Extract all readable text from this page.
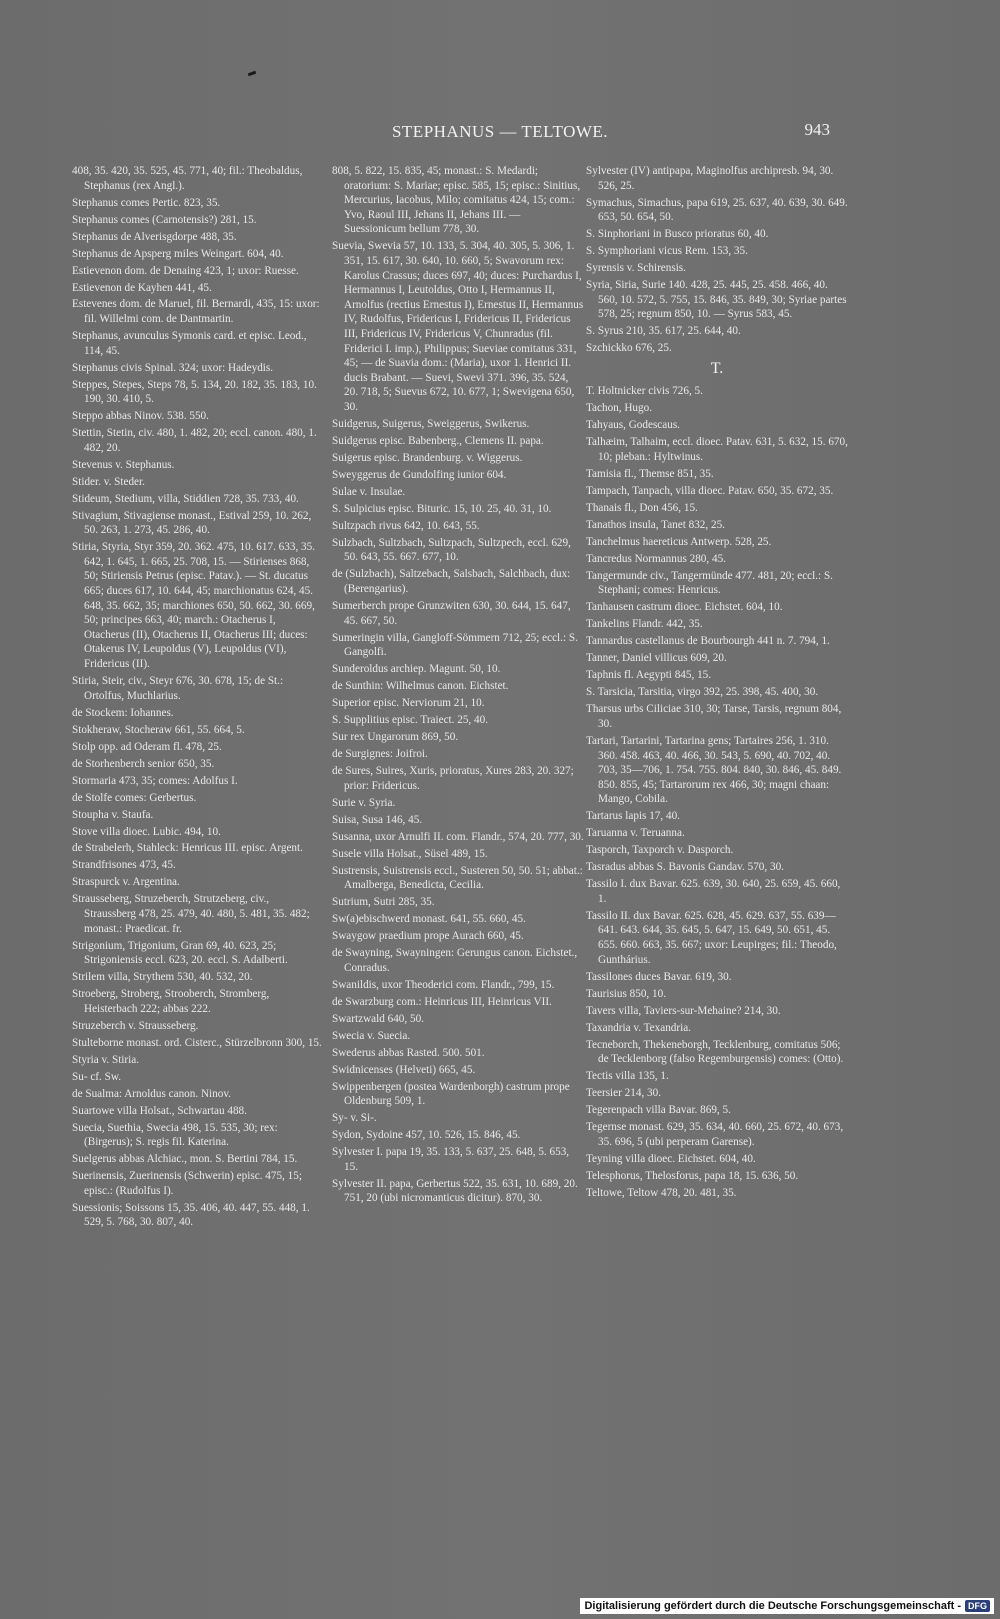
STEPHANUS — TELTOWE.	943

408, 35. 420, 35. 525, 45. 771, 40; fil.: Theobaldus, Stephanus (rex Angl.).

Stephanus comes Pertic. 823, 35.

Stephanus comes (Carnotensis?) 281, 15.

Stephanus de Alverisgdorpe 488, 35.

Stephanus de Apsperg miles Weingart. 604, 40.

Estievenon dom. de Denaing 423, 1; uxor: Ruesse.

Estievenon de Kayhen 441, 45.

Estevenes dom. de Maruel, fil. Bernardi, 435, 15: uxor: fil. Willelmi com. de Dantmartin.

Stephanus, avunculus Symonis card. et episc. Leod., 114, 45.

Stephanus civis Spinal. 324; uxor: Hadeydis.

Steppes, Stepes, Steps 78, 5. 134, 20. 182, 35. 183, 10. 190, 30. 410, 5.

Steppo abbas Ninov. 538. 550.

Stettin, Stetin, civ. 480, 1. 482, 20; eccl. canon. 480, 1. 482, 20.

Stevenus v. Stephanus.

Stider. v. Steder.

Stideum, Stedium, villa, Stiddien 728, 35. 733, 40.

Stivagium, Stivagiense monast., Estival 259, 10. 262, 50. 263, 1. 273, 45. 286, 40.

Stiria, Styria, Styr 359, 20. 362. 475, 10. 617. 633, 35. 642, 1. 645, 1. 665, 25. 708, 15. — Stirienses 868, 50; Stiriensis Petrus (episc. Patav.). — St. ducatus 665; duces 617, 10. 644, 45; marchionatus 624, 45. 648, 35. 662, 35; marchiones 650, 50. 662, 30. 669, 50; principes 663, 40; march.: Otacherus I, Otacherus (II), Otacherus II, Otacherus III; duces: Otakerus IV, Leupoldus (V), Leupoldus (VI), Fridericus (II).

Stiria, Steir, civ., Steyr 676, 30. 678, 15; de St.: Ortolfus, Muchlarius.

de Stockem: Iohannes.

Stokheraw, Stocheraw 661, 55. 664, 5.

Stolp opp. ad Oderam fl. 478, 25.

de Storhenberch senior 650, 35.

Stormaria 473, 35; comes: Adolfus I.

de Stolfe comes: Gerbertus.

Stoupha v. Staufa.

Stove villa dioec. Lubic. 494, 10.

de Strabelerh, Stahleck: Henricus III. episc. Argent.

Strandfrisones 473, 45.

Straspurck v. Argentina.

Strausseberg, Struzeberch, Strutzeberg, civ., Straussberg 478, 25. 479, 40. 480, 5. 481, 35. 482; monast.: Praedicat. fr.

Strigonium, Trigonium, Gran 69, 40. 623, 25; Strigoniensis eccl. 623, 20. eccl. S. Adalberti.

Strilem villa, Strythem 530, 40. 532, 20.

Stroeberg, Stroberg, Strooberch, Stromberg, Heisterbach 222; abbas 222.

Struzeberch v. Strausseberg.

Stulteborne monast. ord. Cisterc., Stürzelbronn 300, 15.

Styria v. Stiria.

Su- cf. Sw.

de Sualma: Arnoldus canon. Ninov.

Suartowe villa Holsat., Schwartau 488.

Suecia, Suethia, Swecia 498, 15. 535, 30; rex: (Birgerus); S. regis fil. Katerina.

Suelgerus abbas Alchiac., mon. S. Bertini 784, 15.

Suerinensis, Zuerinensis (Schwerin) episc. 475, 15; episc.: (Rudolfus I).

Suessionis; Soissons 15, 35. 406, 40. 447, 55. 448, 1. 529, 5. 768, 30. 807, 40.

808, 5. 822, 15. 835, 45; monast.: S. Medardi; oratorium: S. Mariae; episc. 585, 15; episc.: Sinitius, Mercurius, Iacobus, Milo; comitatus 424, 15; com.: Yvo, Raoul III, Jehans II, Jehans III. — Suessionicum bellum 778, 30.

Suevia, Swevia 57, 10. 133, 5. 304, 40. 305, 5. 306, 1. 351, 15. 617, 30. 640, 10. 660, 5; Swavorum rex: Karolus Crassus; duces 697, 40; duces: Purchardus I, Hermannus I, Leutoldus, Otto I, Hermannus II, Arnolfus (rectius Ernestus I), Ernestus II, Hermannus IV, Rudolfus, Fridericus I, Fridericus II, Fridericus III, Fridericus IV, Fridericus V, Chunradus (fil. Friderici I. imp.), Philippus; Sueviae comitatus 331, 45; — de Suavia dom.: (Maria), uxor 1. Henrici II. ducis Brabant. — Suevi, Swevi 371. 396, 35. 524, 20. 718, 5; Suevus 672, 10. 677, 1; Swevigena 650, 30.

Suidgerus, Suigerus, Sweiggerus, Swikerus.

Suidgerus episc. Babenberg., Clemens II. papa.

Suigerus episc. Brandenburg. v. Wiggerus.

Sweyggerus de Gundolfing iunior 604.

Sulae v. Insulae.

S. Sulpicius episc. Bituric. 15, 10. 25, 40. 31, 10.

Sultzpach rivus 642, 10. 643, 55.

Sulzbach, Sultzbach, Sultzpach, Sultzpech, eccl. 629, 50. 643, 55. 667. 677, 10.

de (Sulzbach), Saltzebach, Salsbach, Salchbach, dux: (Berengarius).

Sumerberch prope Grunzwiten 630, 30. 644, 15. 647, 45. 667, 50.

Sumeringin villa, Gangloff-Sömmern 712, 25; eccl.: S. Gangolfi.

Sunderoldus archiep. Magunt. 50, 10.

de Sunthin: Wilhelmus canon. Eichstet.

Superior episc. Nerviorum 21, 10.

S. Supplitius episc. Traiect. 25, 40.

Sur rex Ungarorum 869, 50.

de Surgignes: Joifroi.

de Sures, Suires, Xuris, prioratus, Xures 283, 20. 327; prior: Fridericus.

Surie v. Syria.

Suisa, Susa 146, 45.

Susanna, uxor Arnulfi II. com. Flandr., 574, 20. 777, 30.

Susele villa Holsat., Süsel 489, 15.

Sustrensis, Suistrensis eccl., Susteren 50, 50. 51; abbat.: Amalberga, Benedicta, Cecilia.

Sutrium, Sutri 285, 35.

Sw(a)ebischwerd monast. 641, 55. 660, 45.

Swaygow praedium prope Aurach 660, 45.

de Swayning, Swayningen: Gerungus canon. Eichstet., Conradus.

Swanildis, uxor Theoderici com. Flandr., 799, 15.

de Swarzburg com.: Heinricus III, Heinricus VII.

Swartzwald 640, 50.

Swecia v. Suecia.

Swederus abbas Rasted. 500. 501.

Swidnicenses (Helveti) 665, 45.

Swippenbergen (postea Wardenborgh) castrum prope Oldenburg 509, 1.

Sy- v. Si-.

Sydon, Sydoine 457, 10. 526, 15. 846, 45.

Sylvester I. papa 19, 35. 133, 5. 637, 25. 648, 5. 653, 15.

Sylvester II. papa, Gerbertus 522, 35. 631, 10. 689, 20. 751, 20 (ubi nicromanticus dicitur). 870, 30.

Sylvester (IV) antipapa, Maginolfus archipresb. 94, 30. 526, 25.

Symachus, Simachus, papa 619, 25. 637, 40. 639, 30. 649. 653, 50. 654, 50.

S. Sinphoriani in Busco prioratus 60, 40.

S. Symphoriani vicus Rem. 153, 35.

Syrensis v. Schirensis.

Syria, Siria, Surie 140. 428, 25. 445, 25. 458. 466, 40. 560, 10. 572, 5. 755, 15. 846, 35. 849, 30; Syriae partes 578, 25; regnum 850, 10. — Syrus 583, 45.

S. Syrus 210, 35. 617, 25. 644, 40.

Szchickko 676, 25.

T.

T. Holtnicker civis 726, 5.

Tachon, Hugo.

Tahyaus, Godescaus.

Talhæim, Talhaim, eccl. dioec. Patav. 631, 5. 632, 15. 670, 10; pleban.: Hyltwinus.

Tamisia fl., Themse 851, 35.

Tampach, Tanpach, villa dioec. Patav. 650, 35. 672, 35.

Thanais fl., Don 456, 15.

Tanathos insula, Tanet 832, 25.

Tanchelmus haereticus Antwerp. 528, 25.

Tancredus Normannus 280, 45.

Tangermunde civ., Tangermünde 477. 481, 20; eccl.: S. Stephani; comes: Henricus.

Tanhausen castrum dioec. Eichstet. 604, 10.

Tankelins Flandr. 442, 35.

Tannardus castellanus de Bourbourgh 441 n. 7. 794, 1.

Tanner, Daniel villicus 609, 20.

Taphnis fl. Aegypti 845, 15.

S. Tarsicia, Tarsitia, virgo 392, 25. 398, 45. 400, 30.

Tharsus urbs Ciliciae 310, 30; Tarse, Tarsis, regnum 804, 30.

Tartari, Tartarini, Tartarina gens; Tartaires 256, 1. 310. 360. 458. 463, 40. 466, 30. 543, 5. 690, 40. 702, 40. 703, 35—706, 1. 754. 755. 804. 840, 30. 846, 45. 849. 850. 855, 45; Tartarorum rex 466, 30; magni chaan: Mango, Cobila.

Tartarus lapis 17, 40.

Taruanna v. Teruanna.

Tasporch, Taxporch v. Dasporch.

Tasradus abbas S. Bavonis Gandav. 570, 30.

Tassilo I. dux Bavar. 625. 639, 30. 640, 25. 659, 45. 660, 1.

Tassilo II. dux Bavar. 625. 628, 45. 629. 637, 55. 639—641. 643. 644, 35. 645, 5. 647, 15. 649, 50. 651, 45. 655. 660. 663, 35. 667; uxor: Leupirges; fil.: Theodo, Gunthárius.

Tassilones duces Bavar. 619, 30.

Taurisius 850, 10.

Tavers villa, Taviers-sur-Mehaine? 214, 30.

Taxandria v. Texandria.

Tecneborch, Thekeneborgh, Tecklenburg, comitatus 506; de Tecklenborg (falso Regemburgensis) comes: (Otto).

Tectis villa 135, 1.

Teersier 214, 30.

Tegerenpach villa Bavar. 869, 5.

Tegernse monast. 629, 35. 634, 40. 660, 25. 672, 40. 673, 35. 696, 5 (ubi perperam Garense).

Teyning villa dioec. Eichstet. 604, 40.

Telesphorus, Thelosforus, papa 18, 15. 636, 50.

Teltowe, Teltow 478, 20. 481, 35.

Digitalisierung gefördert durch die Deutsche Forschungsgemeinschaft - DFG
